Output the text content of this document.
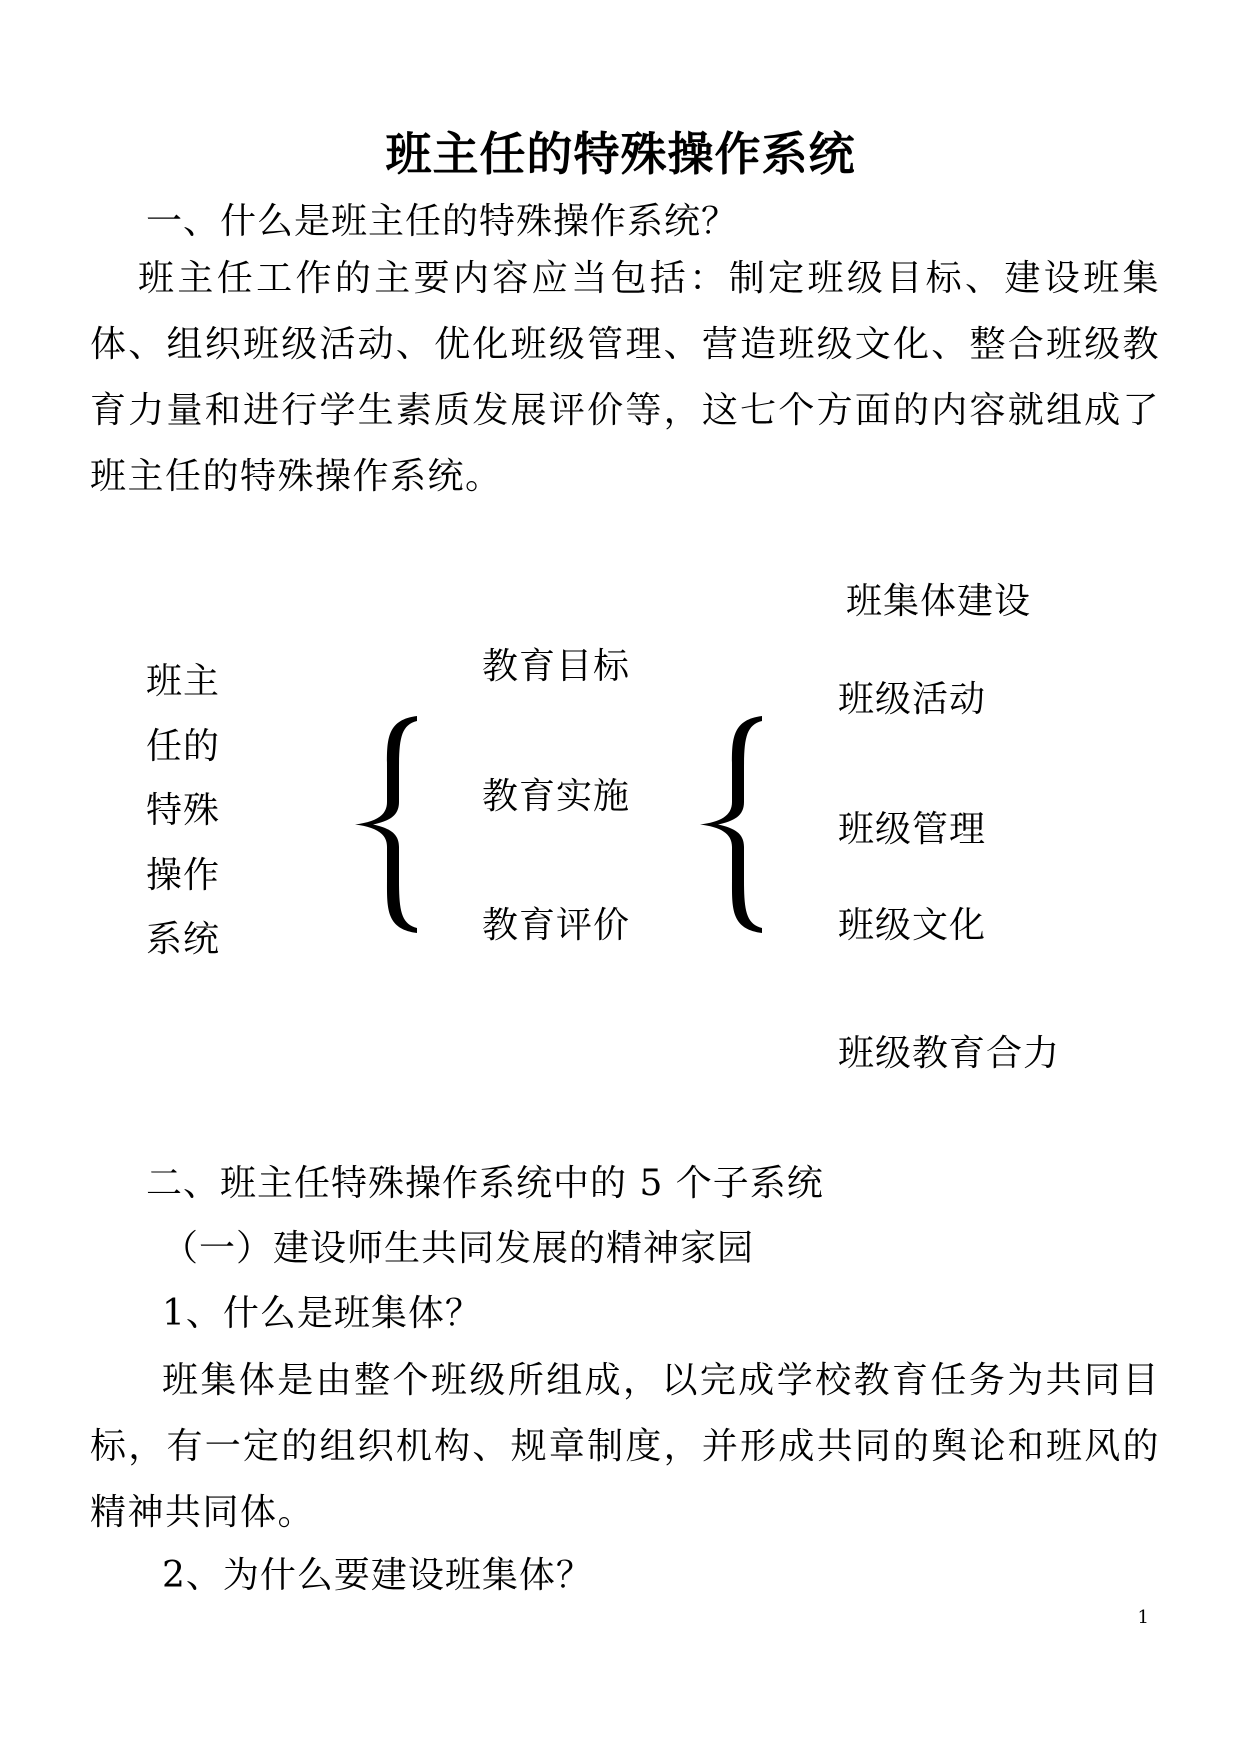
班主任的特殊操作系统
一、什么是班主任的特殊操作系统？
班主任工作的主要内容应当包括：制定班级目标、建设班集体、组织班级活动、优化班级管理、营造班级文化、整合班级教育力量和进行学生素质发展评价等，这七个方面的内容就组成了班主任的特殊操作系统。
班主任的特殊操作系统
教育目标
教育实施
教育评价
班集体建设
班级活动
班级管理
班级文化
班级教育合力
二、班主任特殊操作系统中的 5 个子系统
（一）建设师生共同发展的精神家园
1、什么是班集体？
班集体是由整个班级所组成，以完成学校教育任务为共同目标，有一定的组织机构、规章制度，并形成共同的舆论和班风的精神共同体。
2、为什么要建设班集体？
1
